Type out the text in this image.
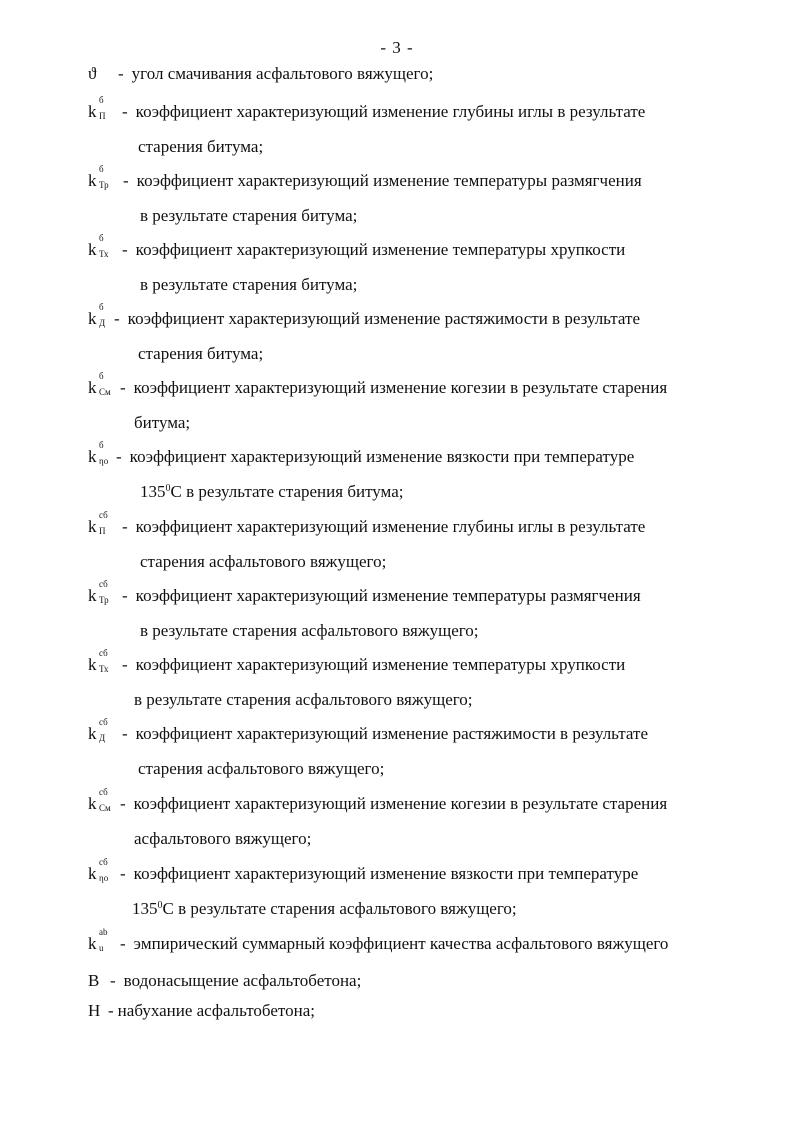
- 3 -
ϑ - угол смачивания асфальтового вяжущего;
k
б
П - коэффициент характеризующий изменение глубины иглы в результате
старения битума;
k
б
Тр - коэффициент характеризующий изменение температуры размягчения
в результате старения битума;
k
б
Тх - коэффициент характеризующий изменение температуры хрупкости
в результате старения битума;
k
б
Д - коэффициент характеризующий изменение растяжимости в результате
старения битума;
k
б
См - коэффициент характеризующий изменение когезии в результате старения
битума;
k
б
ηο - коэффициент характеризующий изменение вязкости при температуре
$135^0С$ в результате старения битума;
k
сб
П - коэффициент характеризующий изменение глубины иглы в результате
старения асфальтового вяжущего;
k
сб
Тр - коэффициент характеризующий изменение температуры размягчения
в результате старения асфальтового вяжущего;
k
сб
Тх - коэффициент характеризующий изменение температуры хрупкости
в результате старения асфальтового вяжущего;
k
сб
Д - коэффициент характеризующий изменение растяжимости в результате
старения асфальтового вяжущего;
k
сб
См - коэффициент характеризующий изменение когезии в результате старения
асфальтового вяжущего;
k
сб
ηο - коэффициент характеризующий изменение вязкости при температуре
$135^0С$ в результате старения асфальтового вяжущего;
k
ab
u - эмпирический суммарный коэффициент качества асфальтового вяжущего
В - водонасыщение асфальтобетона;
Н - набухание асфальтобетона;
